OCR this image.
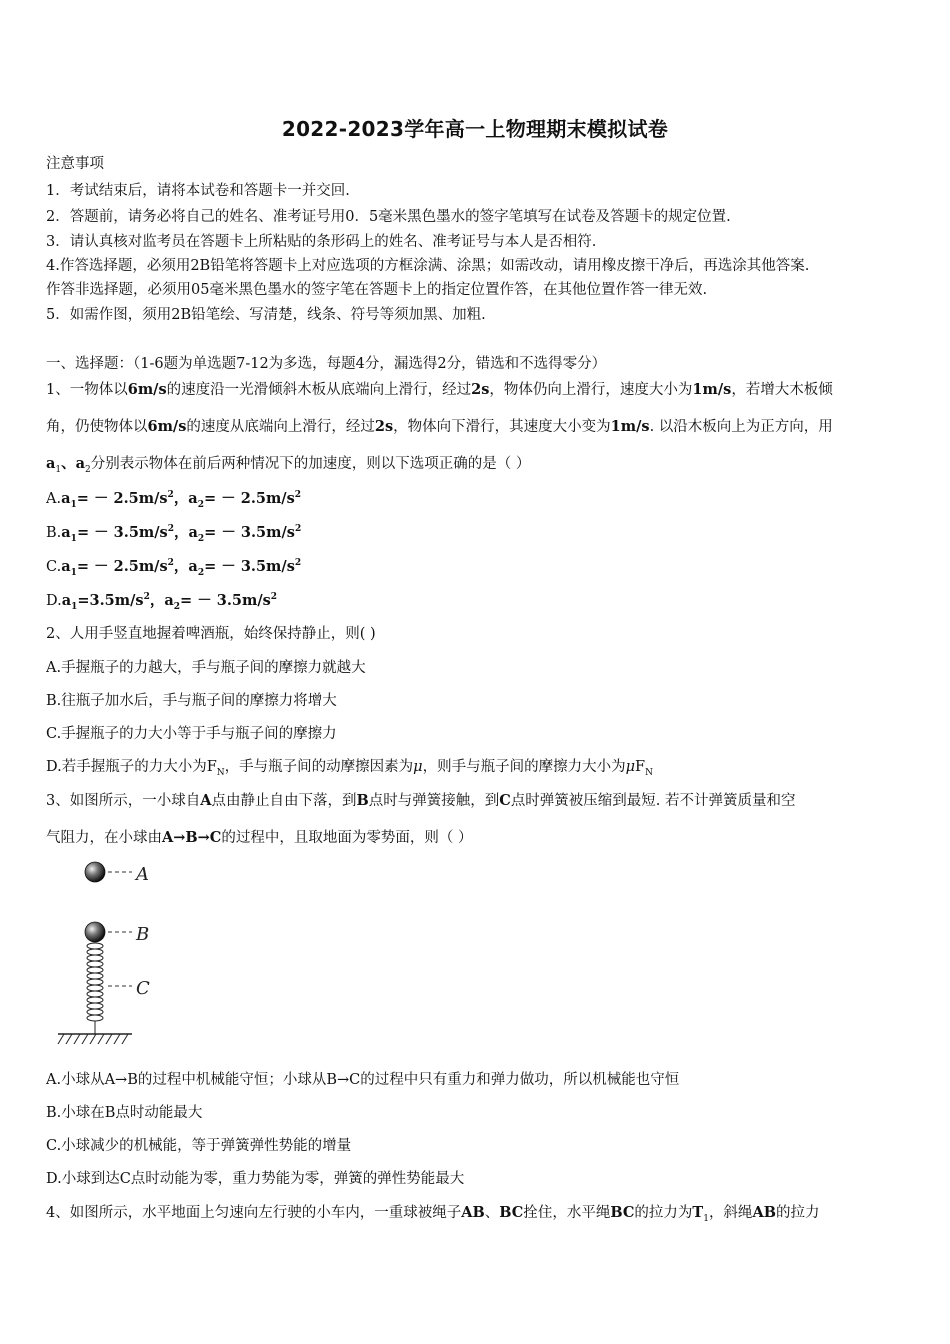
2022-2023学年高一上物理期末模拟试卷
注意事项
1．考试结束后，请将本试卷和答题卡一并交回.
2．答题前，请务必将自己的姓名、准考证号用0．5毫米黑色墨水的签字笔填写在试卷及答题卡的规定位置.
3．请认真核对监考员在答题卡上所粘贴的条形码上的姓名、准考证号与本人是否相符.
4.作答选择题，必须用2B铅笔将答题卡上对应选项的方框涂满、涂黑；如需改动，请用橡皮擦干净后，再选涂其他答案.
作答非选择题，必须用05毫米黑色墨水的签字笔在答题卡上的指定位置作答，在其他位置作答一律无效.
5．如需作图，须用2B铅笔绘、写清楚，线条、符号等须加黑、加粗.
一、选择题：（1-6题为单选题7-12为多选，每题4分，漏选得2分，错选和不选得零分）
1、一物体以6m/s的速度沿一光滑倾斜木板从底端向上滑行，经过2s，物体仍向上滑行，速度大小为1m/s，若增大木板倾
角，仍使物体以6m/s的速度从底端向上滑行，经过2s，物体向下滑行，其速度大小变为1m/s. 以沿木板向上为正方向，用
$a_1$、$a_2$分别表示物体在前后两种情况下的加速度，则以下选项正确的是（ ）
$A.a_1= - 2.5m/s^2$，$a_2= - 2.5m/s^2$
$B.a_1= - 3.5m/s^2$，$a_2= - 3.5m/s^2$
$C.a_1= - 2.5m/s^2$，$a_2= - 3.5m/s^2$
$D.a_1=3.5m/s^2$，$a_2= - 3.5m/s^2$
2、人用手竖直地握着啤酒瓶，始终保持静止，则( )
A.手握瓶子的力越大，手与瓶子间的摩擦力就越大
B.往瓶子加水后，手与瓶子间的摩擦力将增大
C.手握瓶子的力大小等于手与瓶子间的摩擦力
D.若手握瓶子的力大小为$F_N$，手与瓶子间的动摩擦因素为μ，则手与瓶子间的摩擦力大小为$\mu F_N$
3、如图所示，一小球自A点由静止自由下落，到B点时与弹簧接触，到C点时弹簧被压缩到最短. 若不计弹簧质量和空
气阻力，在小球由A→B→C的过程中，且取地面为零势面，则（ ）
A
B
C
A.小球从A→B的过程中机械能守恒；小球从B→C的过程中只有重力和弹力做功，所以机械能也守恒
B.小球在B点时动能最大
C.小球减少的机械能，等于弹簧弹性势能的增量
D.小球到达C点时动能为零，重力势能为零，弹簧的弹性势能最大
4、如图所示，水平地面上匀速向左行驶的小车内，一重球被绳子AB、BC拴住，水平绳BC的拉力为$T_1$，斜绳AB的拉力
